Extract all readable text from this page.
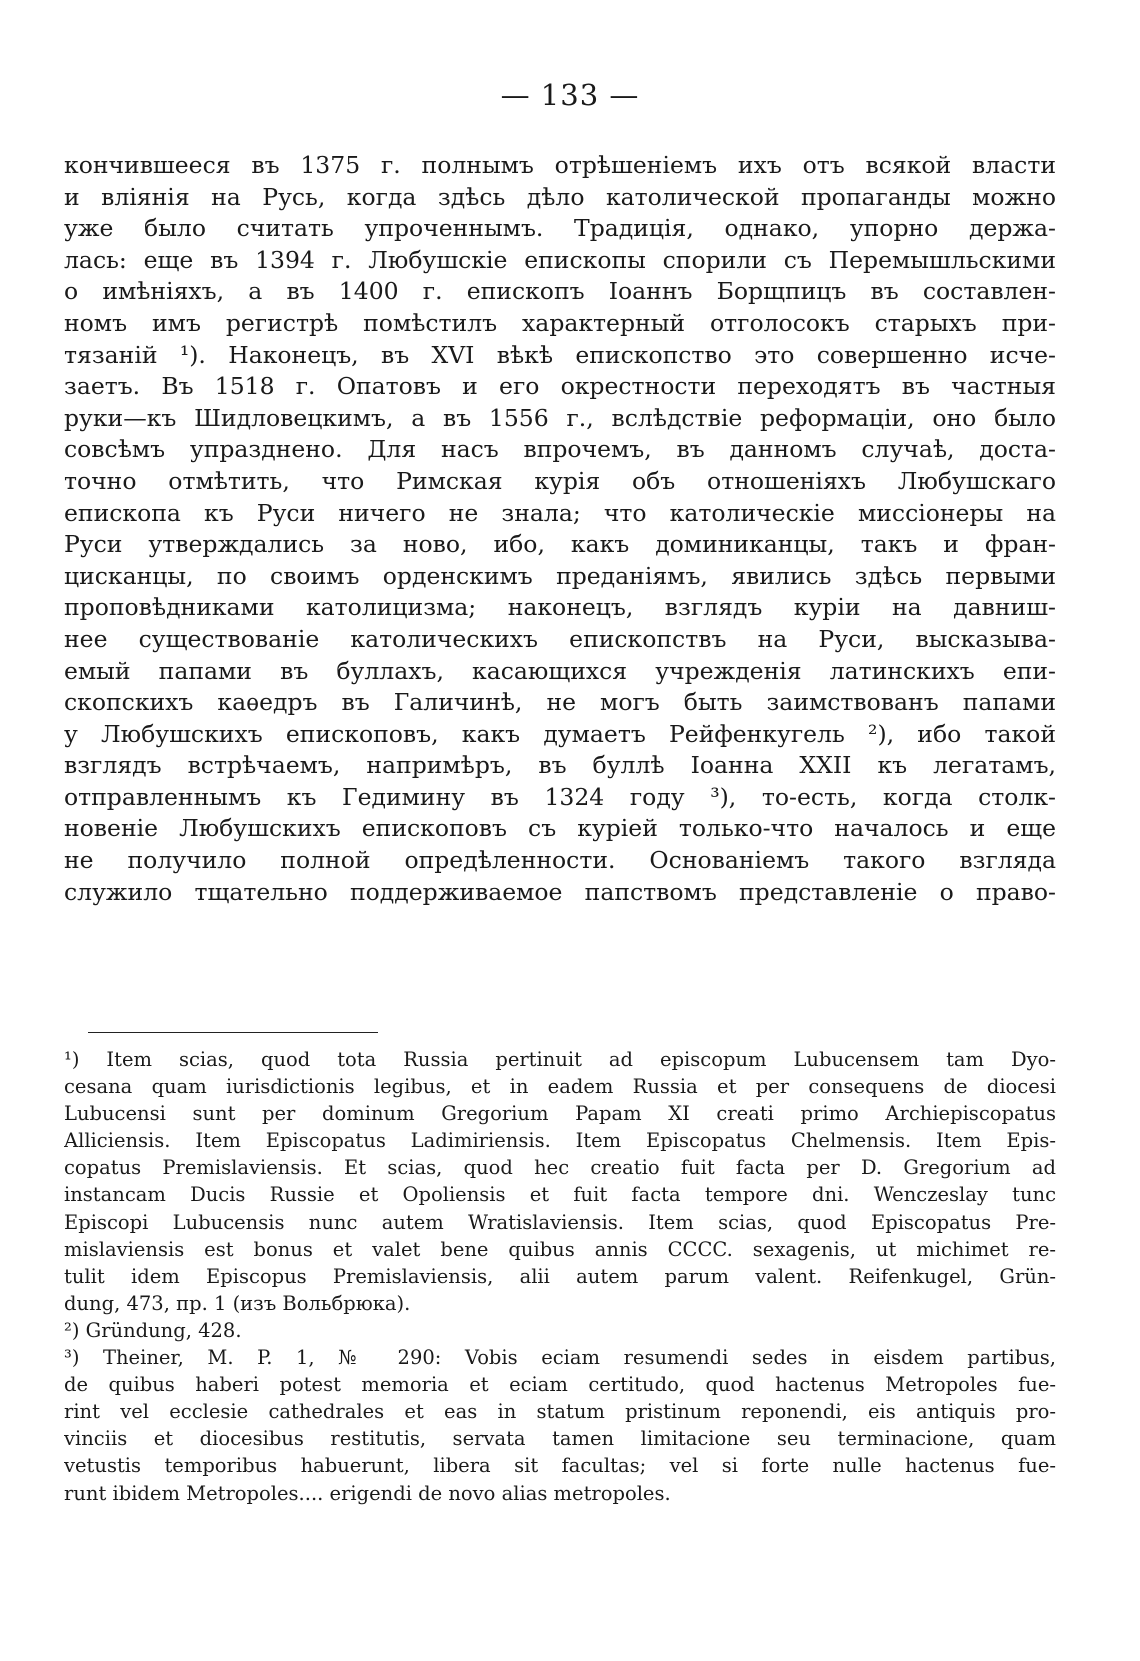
— 133 —
кончившееся въ 1375 г. полнымъ отрѣшеніемъ ихъ отъ всякой власти
и вліянія на Русь, когда здѣсь дѣло католической пропаганды можно
уже было считать упроченнымъ. Традиція, однако, упорно держа-
лась: еще въ 1394 г. Любушскіе епископы спорили съ Перемышльскими
о имѣніяхъ, а въ 1400 г. епископъ Іоаннъ Борщпицъ въ составлен-
номъ имъ регистрѣ помѣстилъ характерный отголосокъ старыхъ при-
тязаній ¹). Наконецъ, въ XVI вѣкѣ епископство это совершенно исче-
заетъ. Въ 1518 г. Опатовъ и его окрестности переходятъ въ частныя
руки—къ Шидловецкимъ, а въ 1556 г., вслѣдствіе реформаціи, оно было
совсѣмъ упразднено. Для насъ впрочемъ, въ данномъ случаѣ, доста-
точно отмѣтить, что Римская курія объ отношеніяхъ Любушскаго
епископа къ Руси ничего не знала; что католическіе миссіонеры на
Руси утверждались за ново, ибо, какъ доминиканцы, такъ и фран-
цисканцы, по своимъ орденскимъ преданіямъ, явились здѣсь первыми
проповѣдниками католицизма; наконецъ, взглядъ куріи на давниш-
нее существованіе католическихъ епископствъ на Руси, высказыва-
емый папами въ буллахъ, касающихся учрежденія латинскихъ епи-
скопскихъ каѳедръ въ Галичинѣ, не могъ быть заимствованъ папами
у Любушскихъ епископовъ, какъ думаетъ Рейфенкугель ²), ибо такой
взглядъ встрѣчаемъ, напримѣръ, въ буллѣ Іоанна XXII къ легатамъ,
отправленнымъ къ Гедимину въ 1324 году ³), то-есть, когда столк-
новеніе Любушскихъ епископовъ съ куріей только-что началось и еще
не получило полной опредѣленности. Основаніемъ такого взгляда
служило тщательно поддерживаемое папствомъ представленіе о право-
¹) Item scias, quod tota Russia pertinuit ad episcopum Lubucensem tam Dyo-
cesana quam iurisdictionis legibus, et in eadem Russia et per consequens de diocesi
Lubucensi sunt per dominum Gregorium Papam XI creati primo Archiepiscopatus
Alliciensis. Item Episcopatus Ladimiriensis. Item Episcopatus Chelmensis. Item Epis-
copatus Premislaviensis. Et scias, quod hec creatio fuit facta per D. Gregorium ad
instancam Ducis Russie et Opoliensis et fuit facta tempore dni. Wenczeslay tunc
Episcopi Lubucensis nunc autem Wratislaviensis. Item scias, quod Episcopatus Pre-
mislaviensis est bonus et valet bene quibus annis CCCC. sexagenis, ut michimet re-
tulit idem Episcopus Premislaviensis, alii autem parum valent. Reifenkugel, Grün-
dung, 473, пр. 1 (изъ Вольбрюка).
²) Gründung, 428.
³) Theiner, M. P. 1, № 290: Vobis eciam resumendi sedes in eisdem partibus,
de quibus haberi potest memoria et eciam certitudo, quod hactenus Metropoles fue-
rint vel ecclesie cathedrales et eas in statum pristinum reponendi, eis antiquis pro-
vinciis et diocesibus restitutis, servata tamen limitacione seu terminacione, quam
vetustis temporibus habuerunt, libera sit facultas; vel si forte nulle hactenus fue-
runt ibidem Metropoles.... erigendi de novo alias metropoles.
